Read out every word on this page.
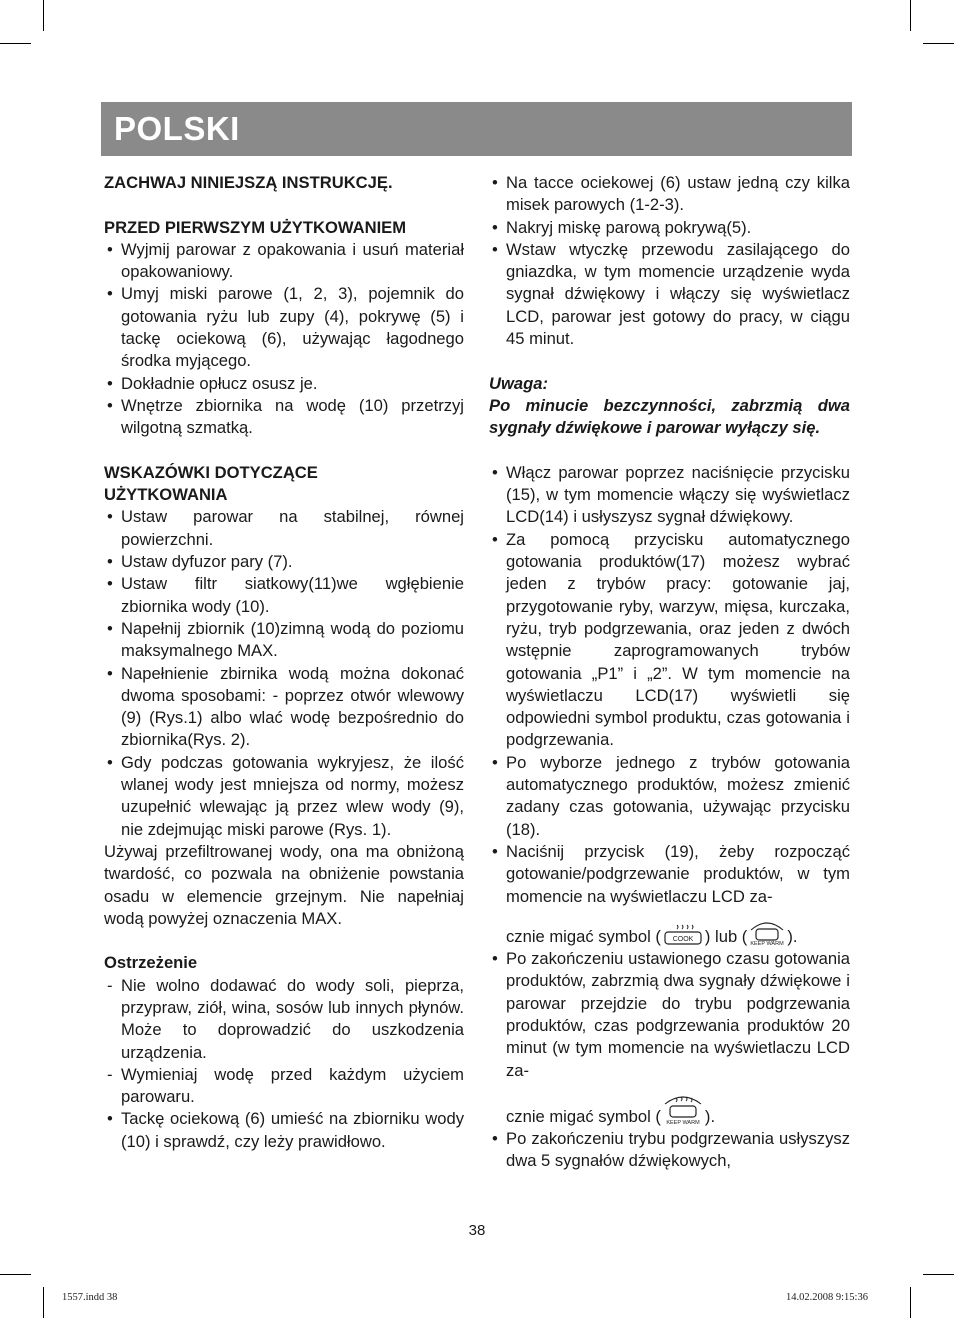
POLSKI

ZACHWAJ NINIEJSZĄ INSTRUKCJĘ.

PRZED PIERWSZYM UŻYTKOWANIEM

• Wyjmij parowar z opakowania i usuń materiał opakowaniowy.
• Umyj miski parowe (1, 2, 3), pojemnik do gotowania ryżu lub zupy (4), pokrywę (5) i tackę ociekową (6), używając łagodnego środka myjącego.
• Dokładnie opłucz osusz je.
• Wnętrze zbiornika na wodę (10) przetrzyj wilgotną szmatką.

WSKAZÓWKI DOTYCZĄCE
UŻYTKOWANIA

• Ustaw parowar na stabilnej, równej powierzchni.
• Ustaw dyfuzor pary (7).
• Ustaw filtr siatkowy(11)we wgłębienie zbiornika wody (10).
• Napełnij zbiornik (10)zimną wodą do poziomu maksymalnego MAX.
• Napełnienie zbirnika wodą można dokonać dwoma sposobami: - poprzez otwór wlewowy (9) (Rys.1) albo wlać wodę bezpośrednio do zbiornika(Rys. 2).
• Gdy podczas gotowania wykryjesz, że ilość wlanej wody jest mniejsza od normy, możesz uzupełnić wlewając ją przez wlew wody (9), nie zdejmując miski parowe (Rys. 1).

Używaj przefiltrowanej wody, ona ma obniżoną twardość, co pozwala na obniżenie powstania osadu w elemencie grzejnym. Nie napełniaj wodą powyżej oznaczenia MAX.

Ostrzeżenie

- Nie wolno dodawać do wody soli, pieprza, przypraw, ziół, wina, sosów lub innych płynów. Może to doprowadzić do uszkodzenia urządzenia.
- Wymieniaj wodę przed każdym użyciem parowaru.
• Tackę ociekową (6) umieść na zbiorniku wody (10) i sprawdź, czy leży prawidłowo.
• Na tacce ociekowej (6) ustaw jedną czy kilka misek parowych (1-2-3).
• Nakryj miskę parową pokrywą(5).
• Wstaw wtyczkę przewodu zasilającego do gniazdka, w tym momencie urządzenie wyda sygnał dźwiękowy i włączy się wyświetlacz LCD, parowar jest gotowy do pracy, w ciągu 45 minut.

Uwaga:

Po minucie bezczynności, zabrzmią dwa sygnały dźwiękowe i parowar wyłączy się.

• Włącz parowar poprzez naciśnięcie przycisku (15), w tym momencie włączy się wyświetlacz LCD(14) i usłyszysz sygnał dźwiękowy.
• Za pomocą przycisku automatycznego gotowania produktów(17) możesz wybrać jeden z trybów pracy: gotowanie jaj, przygotowanie ryby, warzyw, mięsa, kurczaka, ryżu, tryb podgrzewania, oraz jeden z dwóch wstępnie zaprogramowanych trybów gotowania „P1” i „2”. W tym momencie na wyświetlaczu LCD(17) wyświetli się odpowiedni symbol produktu, czas gotowania i podgrzewania.
• Po wyborze jednego z trybów gotowania automatycznego produktów, możesz zmienić zadany czas gotowania, używając przycisku (18).
• Naciśnij przycisk (19), żeby rozpocząć gotowanie/podgrzewanie produktów, w tym momencie na wyświetlaczu LCD za-
cznie migać symbol ( COOK ) lub ( KEEP WARM ).
• Po zakończeniu ustawionego czasu gotowania produktów, zabrzmią dwa sygnały dźwiękowe i parowar przejdzie do trybu podgrzewania produktów, czas podgrzewania produktów 20 minut (w tym momencie na wyświetlaczu LCD za-
cznie migać symbol ( KEEP WARM ).
• Po zakończeniu trybu podgrzewania usłyszysz dwa 5 sygnałów dźwiękowych,
38
1557.indd 38	14.02.2008 9:15:36
